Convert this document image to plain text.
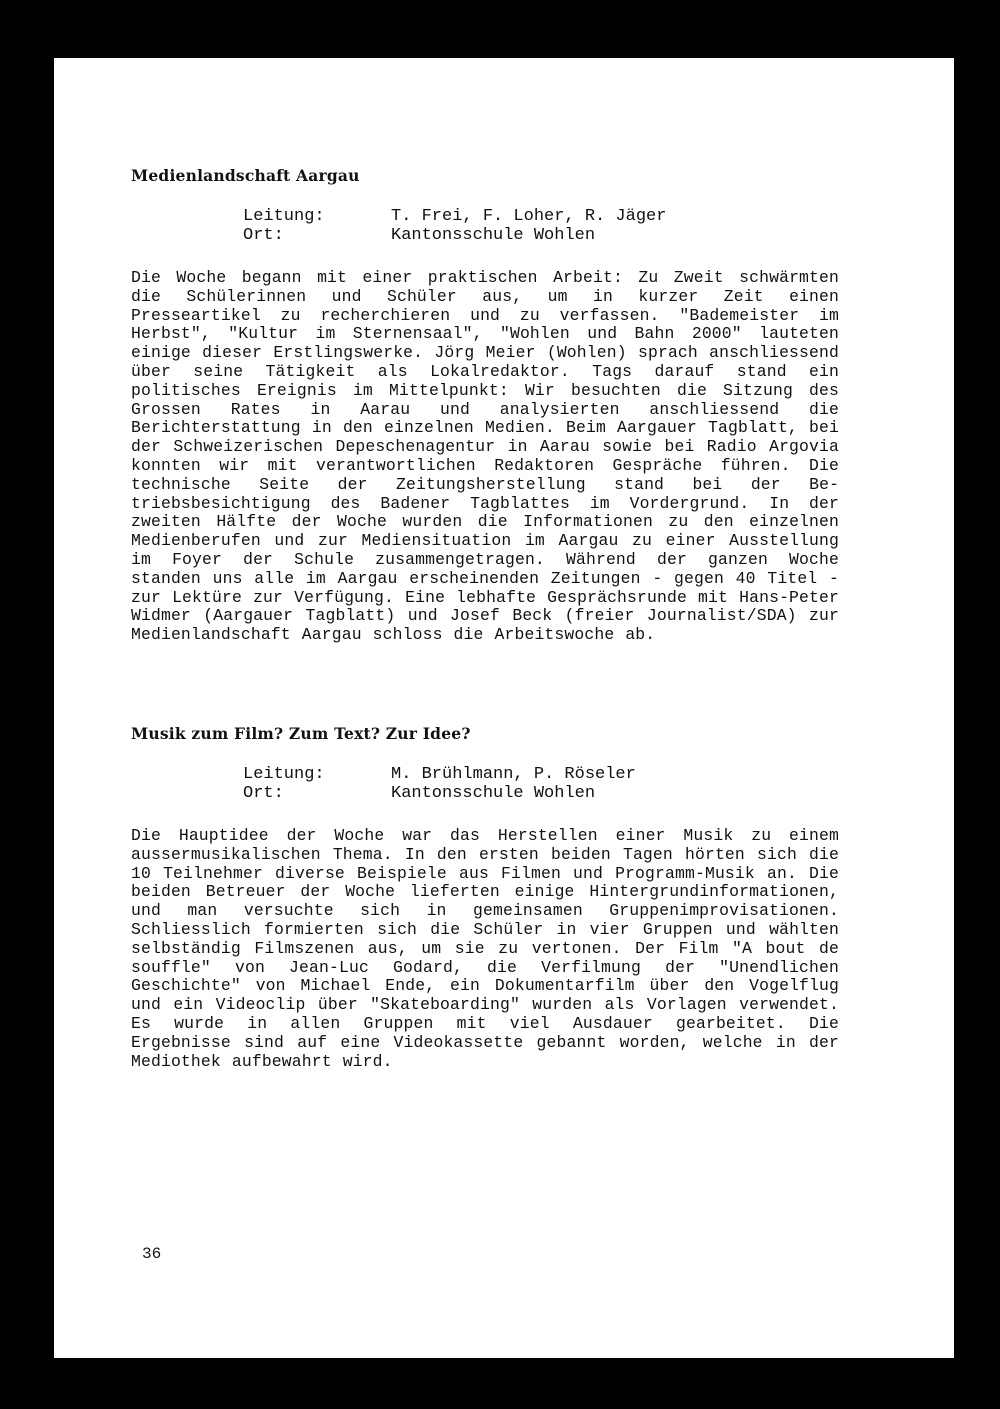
Medienlandschaft Aargau
Leitung:	T. Frei, F. Loher, R. Jäger
Ort:	Kantonsschule Wohlen

Die Woche begann mit einer praktischen Arbeit: Zu Zweit schwärmten die Schülerinnen und Schüler aus, um in kurzer Zeit einen Presseartikel zu recherchieren und zu verfassen. "Bademeister im Herbst", "Kultur im Sternensaal", "Wohlen und Bahn 2000" lauteten einige dieser Erstlingswerke. Jörg Meier (Wohlen) sprach anschliessend über seine Tätigkeit als Lokalredaktor. Tags darauf stand ein politisches Ereignis im Mittelpunkt: Wir besuchten die Sitzung des Grossen Rates in Aarau und analysierten anschliessend die Berichterstattung in den einzelnen Medien. Beim Aargauer Tagblatt, bei der Schweizerischen Depeschenagentur in Aarau sowie bei Radio Argovia konnten wir mit verantwortlichen Redaktoren Gespräche führen. Die technische Seite der Zeitungsherstellung stand bei der Betriebsbesichtigung des Badener Tagblattes im Vordergrund. In der zweiten Hälfte der Woche wurden die Informationen zu den einzelnen Medienberufen und zur Mediensituation im Aargau zu einer Ausstellung im Foyer der Schule zusammengetragen. Während der ganzen Woche standen uns alle im Aargau erscheinenden Zeitungen - gegen 40 Titel - zur Lektüre zur Verfügung. Eine lebhafte Gesprächsrunde mit Hans-Peter Widmer (Aargauer Tagblatt) und Josef Beck (freier Journalist/SDA) zur Medienlandschaft Aargau schloss die Arbeitswoche ab.

Musik zum Film? Zum Text? Zur Idee?
Leitung:	M. Brühlmann, P. Röseler
Ort:	Kantonsschule Wohlen

Die Hauptidee der Woche war das Herstellen einer Musik zu einem aussermusikalischen Thema. In den ersten beiden Tagen hörten sich die 10 Teilnehmer diverse Beispiele aus Filmen und Programm-Musik an. Die beiden Betreuer der Woche lieferten einige Hintergrundinformationen, und man versuchte sich in gemeinsamen Gruppenimprovisationen. Schliesslich formierten sich die Schüler in vier Gruppen und wählten selbständig Filmszenen aus, um sie zu vertonen. Der Film "A bout de souffle" von Jean-Luc Godard, die Verfilmung der "Unendlichen Geschichte" von Michael Ende, ein Dokumentarfilm über den Vogelflug und ein Videoclip über "Skateboarding" wurden als Vorlagen verwendet. Es wurde in allen Gruppen mit viel Ausdauer gearbeitet. Die Ergebnisse sind auf eine Videokassette gebannt worden, welche in der Mediothek aufbewahrt wird.

36
